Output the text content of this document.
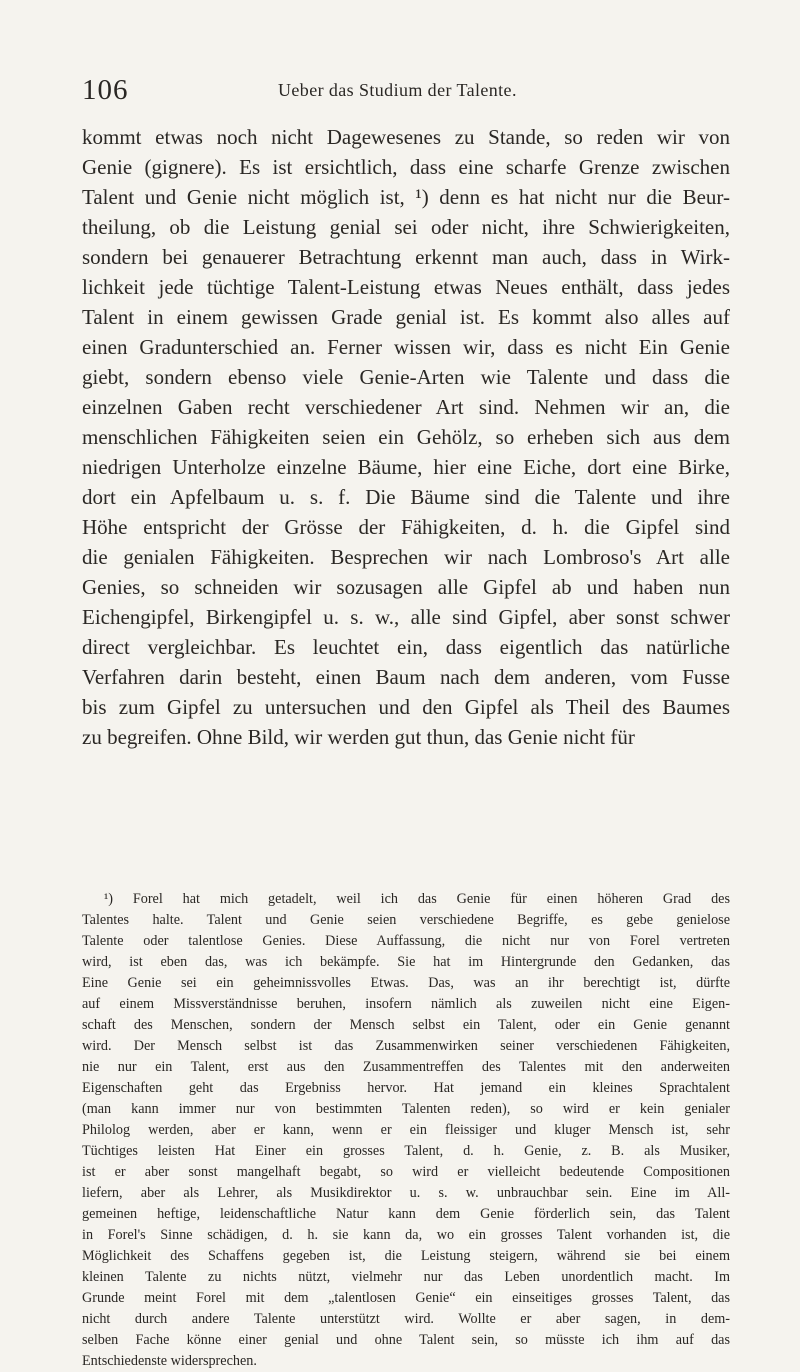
106	Ueber das Studium der Talente.
kommt etwas noch nicht Dagewesenes zu Stande, so reden wir von
Genie (gignere). Es ist ersichtlich, dass eine scharfe Grenze zwischen
Talent und Genie nicht möglich ist, ¹) denn es hat nicht nur die Beur-
theilung, ob die Leistung genial sei oder nicht, ihre Schwierigkeiten,
sondern bei genauerer Betrachtung erkennt man auch, dass in Wirk-
lichkeit jede tüchtige Talent-Leistung etwas Neues enthält, dass jedes
Talent in einem gewissen Grade genial ist. Es kommt also alles auf
einen Gradunterschied an. Ferner wissen wir, dass es nicht Ein Genie
giebt, sondern ebenso viele Genie-Arten wie Talente und dass die
einzelnen Gaben recht verschiedener Art sind. Nehmen wir an, die
menschlichen Fähigkeiten seien ein Gehölz, so erheben sich aus dem
niedrigen Unterholze einzelne Bäume, hier eine Eiche, dort eine Birke,
dort ein Apfelbaum u. s. f. Die Bäume sind die Talente und ihre
Höhe entspricht der Grösse der Fähigkeiten, d. h. die Gipfel sind
die genialen Fähigkeiten. Besprechen wir nach Lombroso's Art alle
Genies, so schneiden wir sozusagen alle Gipfel ab und haben nun
Eichengipfel, Birkengipfel u. s. w., alle sind Gipfel, aber sonst schwer
direct vergleichbar. Es leuchtet ein, dass eigentlich das natürliche
Verfahren darin besteht, einen Baum nach dem anderen, vom Fusse
bis zum Gipfel zu untersuchen und den Gipfel als Theil des Baumes
zu begreifen. Ohne Bild, wir werden gut thun, das Genie nicht für
¹) Forel hat mich getadelt, weil ich das Genie für einen höheren Grad des
Talentes halte. Talent und Genie seien verschiedene Begriffe, es gebe genielose
Talente oder talentlose Genies. Diese Auffassung, die nicht nur von Forel vertreten
wird, ist eben das, was ich bekämpfe. Sie hat im Hintergrunde den Gedanken, das
Eine Genie sei ein geheimnissvolles Etwas. Das, was an ihr berechtigt ist, dürfte
auf einem Missverständnisse beruhen, insofern nämlich als zuweilen nicht eine Eigen-
schaft des Menschen, sondern der Mensch selbst ein Talent, oder ein Genie genannt
wird. Der Mensch selbst ist das Zusammenwirken seiner verschiedenen Fähigkeiten,
nie nur ein Talent, erst aus den Zusammentreffen des Talentes mit den anderweiten
Eigenschaften geht das Ergebniss hervor. Hat jemand ein kleines Sprachtalent
(man kann immer nur von bestimmten Talenten reden), so wird er kein genialer
Philolog werden, aber er kann, wenn er ein fleissiger und kluger Mensch ist, sehr
Tüchtiges leisten Hat Einer ein grosses Talent, d. h. Genie, z. B. als Musiker,
ist er aber sonst mangelhaft begabt, so wird er vielleicht bedeutende Compositionen
liefern, aber als Lehrer, als Musikdirektor u. s. w. unbrauchbar sein. Eine im All-
gemeinen heftige, leidenschaftliche Natur kann dem Genie förderlich sein, das Talent
in Forel's Sinne schädigen, d. h. sie kann da, wo ein grosses Talent vorhanden ist, die
Möglichkeit des Schaffens gegeben ist, die Leistung steigern, während sie bei einem
kleinen Talente zu nichts nützt, vielmehr nur das Leben unordentlich macht. Im
Grunde meint Forel mit dem „talentlosen Genie“ ein einseitiges grosses Talent, das
nicht durch andere Talente unterstützt wird. Wollte er aber sagen, in dem-
selben Fache könne einer genial und ohne Talent sein, so müsste ich ihm auf das
Entschiedenste widersprechen.
